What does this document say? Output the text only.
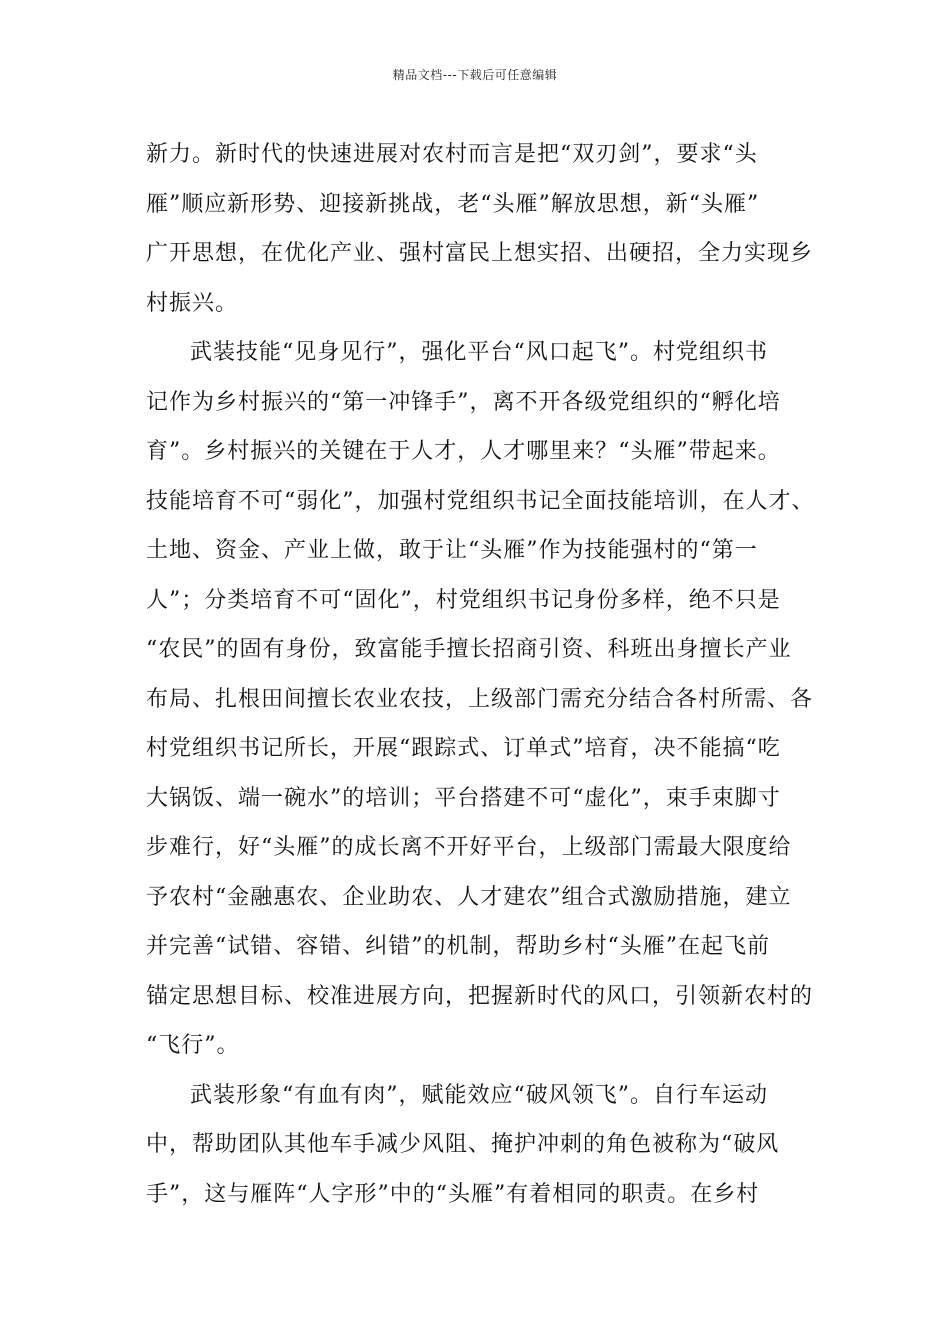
精品文档---下载后可任意编辑
新力。新时代的快速进展对农村而言是把“双刃剑”，要求“头
雁”顺应新形势、迎接新挑战，老“头雁”解放思想，新“头雁”
广开思想，在优化产业、强村富民上想实招、出硬招，全力实现乡
村振兴。
武装技能“见身见行”，强化平台“风口起飞”。村党组织书
记作为乡村振兴的“第一冲锋手”，离不开各级党组织的“孵化培
育”。乡村振兴的关键在于人才，人才哪里来？“头雁”带起来。
技能培育不可“弱化”，加强村党组织书记全面技能培训，在人才、
土地、资金、产业上做，敢于让“头雁”作为技能强村的“第一
人”；分类培育不可“固化”，村党组织书记身份多样，绝不只是
“农民”的固有身份，致富能手擅长招商引资、科班出身擅长产业
布局、扎根田间擅长农业农技，上级部门需充分结合各村所需、各
村党组织书记所长，开展“跟踪式、订单式”培育，决不能搞“吃
大锅饭、端一碗水”的培训；平台搭建不可“虚化”，束手束脚寸
步难行，好“头雁”的成长离不开好平台，上级部门需最大限度给
予农村“金融惠农、企业助农、人才建农”组合式激励措施，建立
并完善“试错、容错、纠错”的机制，帮助乡村“头雁”在起飞前
锚定思想目标、校准进展方向，把握新时代的风口，引领新农村的
“飞行”。
武装形象“有血有肉”，赋能效应“破风领飞”。自行车运动
中，帮助团队其他车手减少风阻、掩护冲刺的角色被称为“破风
手”，这与雁阵“人字形”中的“头雁”有着相同的职责。在乡村
